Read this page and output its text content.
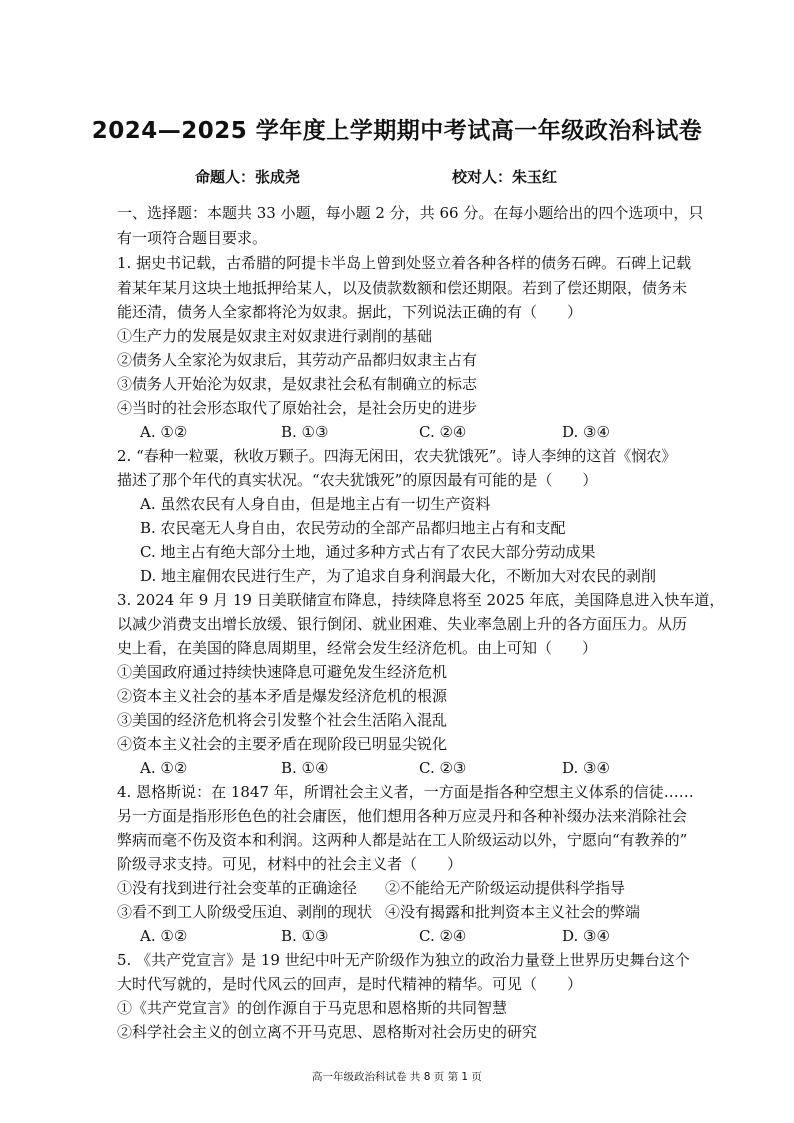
2024—2025 学年度上学期期中考试高一年级政治科试卷
命题人：张成尧	校对人：朱玉红
一、选择题：本题共 33 小题，每小题 2 分，共 66 分。在每小题给出的四个选项中，只
有一项符合题目要求。
1. 据史书记载，古希腊的阿提卡半岛上曾到处竖立着各种各样的债务石碑。石碑上记载
着某年某月这块土地抵押给某人，以及债款数额和偿还期限。若到了偿还期限，债务未
能还清，债务人全家都将沦为奴隶。据此，下列说法正确的有（　　）
①生产力的发展是奴隶主对奴隶进行剥削的基础
②债务人全家沦为奴隶后，其劳动产品都归奴隶主占有
③债务人开始沦为奴隶，是奴隶社会私有制确立的标志
④当时的社会形态取代了原始社会，是社会历史的进步
A. ①②	B. ①③	C. ②④	D. ③④
2. “春种一粒粟，秋收万颗子。四海无闲田，农夫犹饿死”。诗人李绅的这首《悯农》
描述了那个年代的真实状况。“农夫犹饿死”的原因最有可能的是（　　）
A. 虽然农民有人身自由，但是地主占有一切生产资料
B. 农民毫无人身自由，农民劳动的全部产品都归地主占有和支配
C. 地主占有绝大部分土地，通过多种方式占有了农民大部分劳动成果
D. 地主雇佣农民进行生产，为了追求自身利润最大化，不断加大对农民的剥削
3. 2024 年 9 月 19 日美联储宣布降息，持续降息将至 2025 年底，美国降息进入快车道，
以减少消费支出增长放缓、银行倒闭、就业困难、失业率急剧上升的各方面压力。从历
史上看，在美国的降息周期里，经常会发生经济危机。由上可知（　　）
①美国政府通过持续快速降息可避免发生经济危机
②资本主义社会的基本矛盾是爆发经济危机的根源
③美国的经济危机将会引发整个社会生活陷入混乱
④资本主义社会的主要矛盾在现阶段已明显尖锐化
A. ①②	B. ①④	C. ②③	D. ③④
4. 恩格斯说：在 1847 年，所谓社会主义者，一方面是指各种空想主义体系的信徒……
另一方面是指形形色色的社会庸医，他们想用各种万应灵丹和各种补缀办法来消除社会
弊病而毫不伤及资本和利润。这两种人都是站在工人阶级运动以外，宁愿向“有教养的”
阶级寻求支持。可见，材料中的社会主义者（　　）
①没有找到进行社会变革的正确途径 ②不能给无产阶级运动提供科学指导
③看不到工人阶级受压迫、剥削的现状 ④没有揭露和批判资本主义社会的弊端
A. ①②	B. ①③	C. ②④	D. ③④
5. 《共产党宣言》是 19 世纪中叶无产阶级作为独立的政治力量登上世界历史舞台这个
大时代写就的，是时代风云的回声，是时代精神的精华。可见（　　）
①《共产党宣言》的创作源自于马克思和恩格斯的共同智慧
②科学社会主义的创立离不开马克思、恩格斯对社会历史的研究
高一年级政治科试卷 共 8 页 第 1 页
